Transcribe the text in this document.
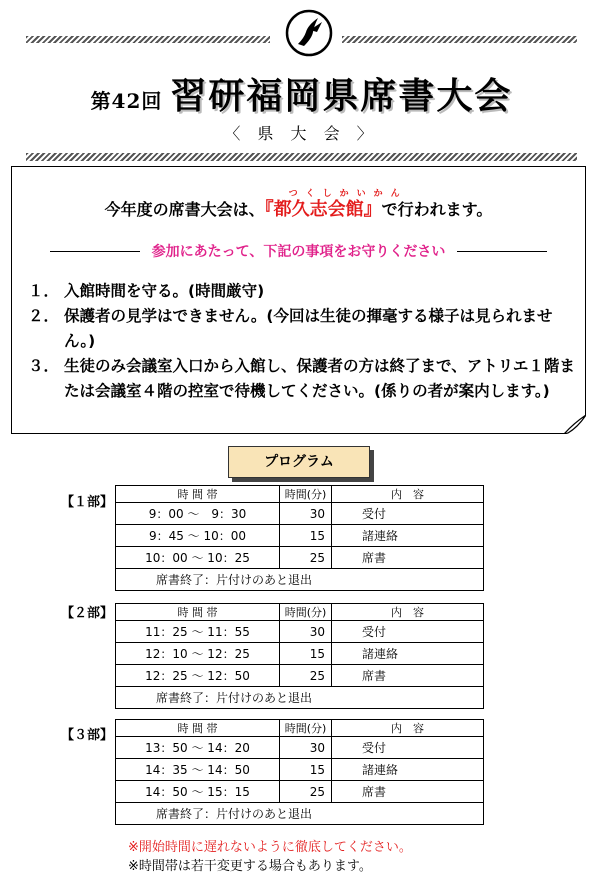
第42回 習研福岡県席書大会
〈 県 大 会 〉
今年度の席書大会は、
つくしかいかん
『都久志会館』で行われます。
参加にあたって、下記の事項をお守りください
１． 入館時間を守る。(時間厳守)
２． 保護者の見学はできません。(今回は生徒の揮毫する様子は見られません。)
３． 生徒のみ会議室入口から入館し、保護者の方は終了まで、アトリエ１階または会議室４階の控室で待機してください。(係りの者が案内します。)
プログラム
【１部】
時 間 帯	時間(分)	内　容
9：00 ～　9：30	30	受付
9：45 ～ 10：00	15	諸連絡
10：00 ～ 10：25	25	席書
席書終了：片付けのあと退出		
【２部】	時 間 帯	時間(分)	内　容
11：25 ～ 11：55	30	受付
12：10 ～ 12：25	15	諸連絡
12：25 ～ 12：50	25	席書
席書終了：片付けのあと退出		
【３部】	時 間 帯	時間(分)	内　容
13：50 ～ 14：20	30	受付
14：35 ～ 14：50	15	諸連絡
14：50 ～ 15：15	25	席書
席書終了：片付けのあと退出		
※開始時間に遅れないように徹底してください。
※時間帯は若干変更する場合もあります。
